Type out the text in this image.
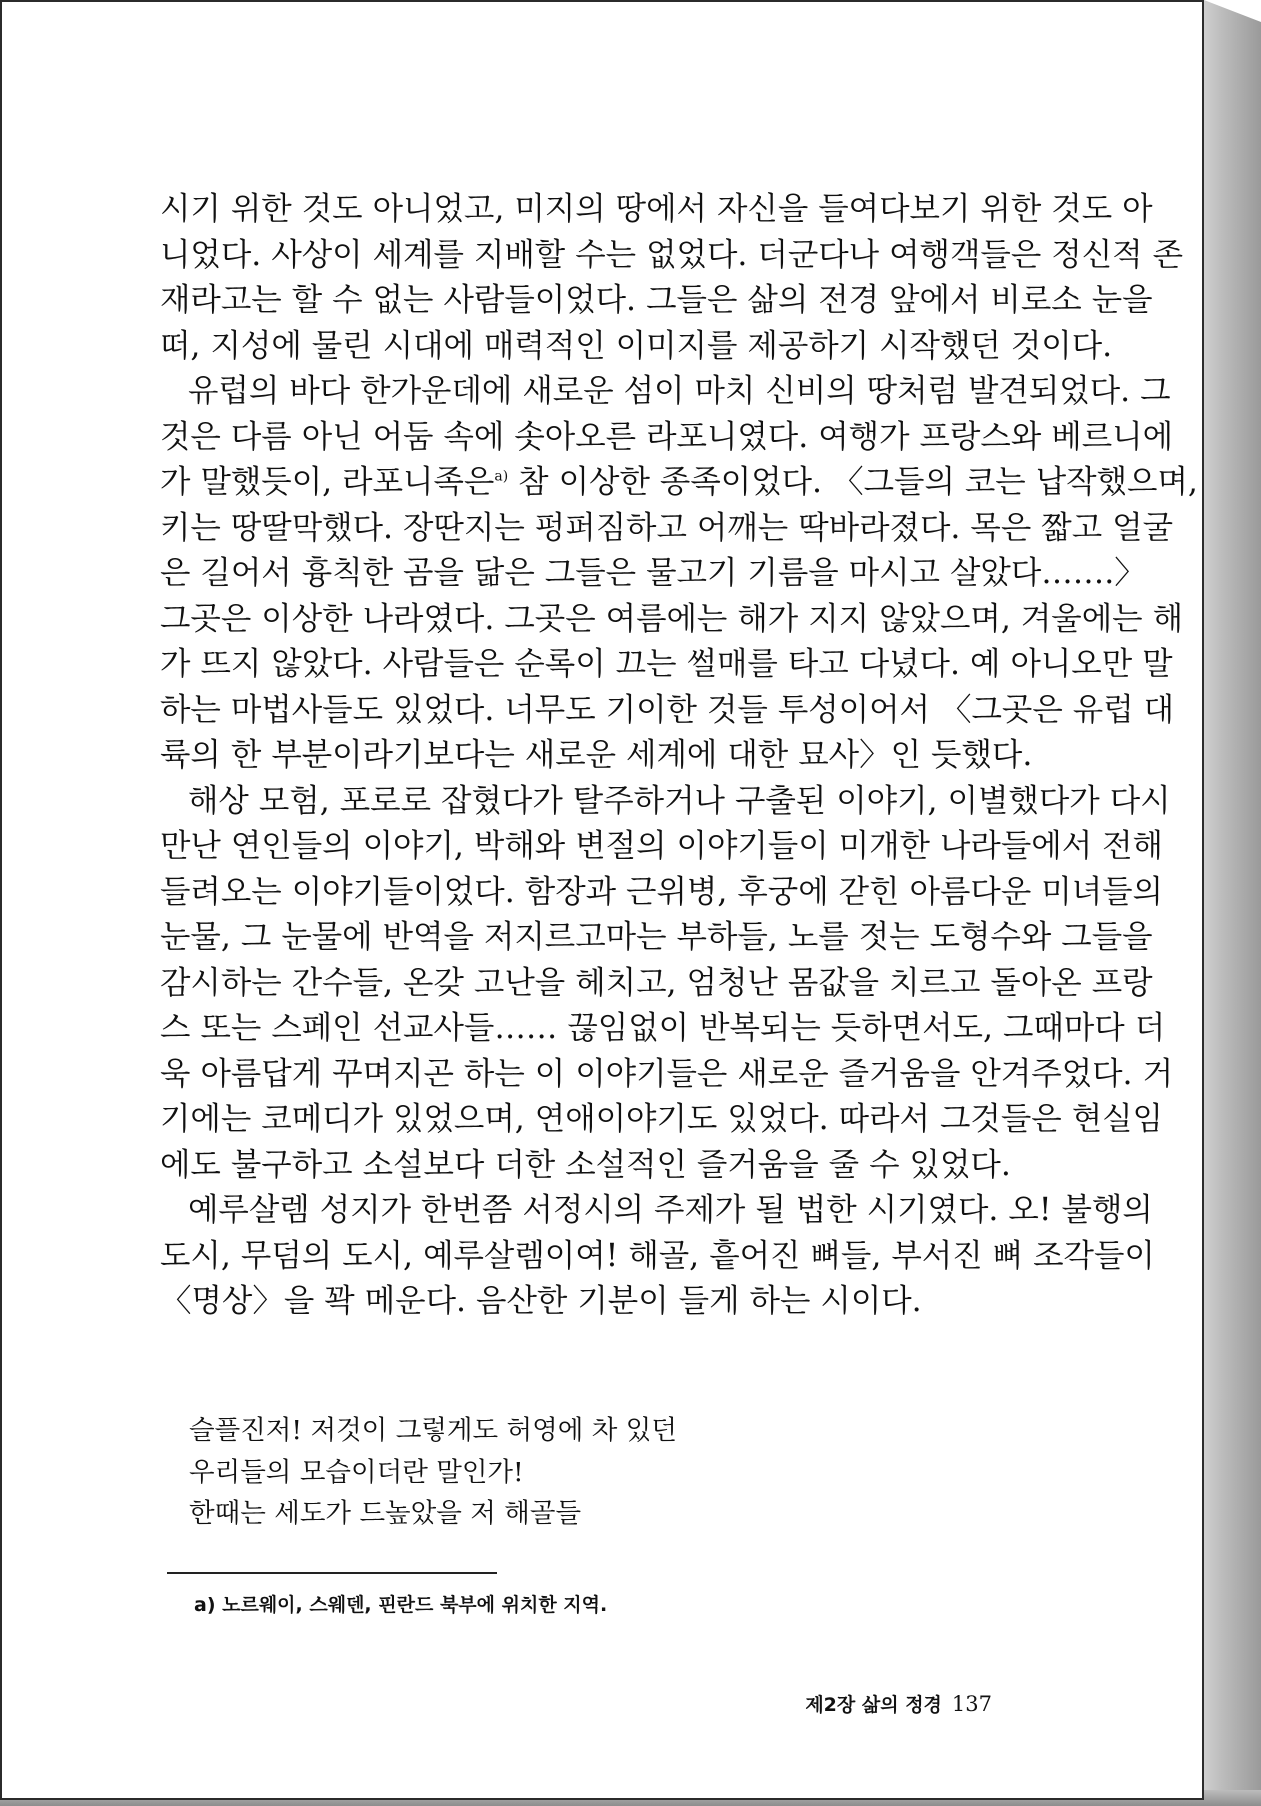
시기 위한 것도 아니었고, 미지의 땅에서 자신을 들여다보기 위한 것도 아
니었다. 사상이 세계를 지배할 수는 없었다. 더군다나 여행객들은 정신적 존
재라고는 할 수 없는 사람들이었다. 그들은 삶의 전경 앞에서 비로소 눈을
떠, 지성에 물린 시대에 매력적인 이미지를 제공하기 시작했던 것이다.
유럽의 바다 한가운데에 새로운 섬이 마치 신비의 땅처럼 발견되었다. 그
것은 다름 아닌 어둠 속에 솟아오른 라포니였다. 여행가 프랑스와 베르니에
가 말했듯이, 라포니족은$^{a)}$ 참 이상한 종족이었다. 〈그들의 코는 납작했으며,
키는 땅딸막했다. 장딴지는 펑퍼짐하고 어깨는 딱바라졌다. 목은 짧고 얼굴
은 길어서 흉칙한 곰을 닮은 그들은 물고기 기름을 마시고 살았다…….〉
그곳은 이상한 나라였다. 그곳은 여름에는 해가 지지 않았으며, 겨울에는 해
가 뜨지 않았다. 사람들은 순록이 끄는 썰매를 타고 다녔다. 예 아니오만 말
하는 마법사들도 있었다. 너무도 기이한 것들 투성이어서 〈그곳은 유럽 대
륙의 한 부분이라기보다는 새로운 세계에 대한 묘사〉인 듯했다.
해상 모험, 포로로 잡혔다가 탈주하거나 구출된 이야기, 이별했다가 다시
만난 연인들의 이야기, 박해와 변절의 이야기들이 미개한 나라들에서 전해
들려오는 이야기들이었다. 함장과 근위병, 후궁에 갇힌 아름다운 미녀들의
눈물, 그 눈물에 반역을 저지르고마는 부하들, 노를 젓는 도형수와 그들을
감시하는 간수들, 온갖 고난을 헤치고, 엄청난 몸값을 치르고 돌아온 프랑
스 또는 스페인 선교사들…… 끊임없이 반복되는 듯하면서도, 그때마다 더
욱 아름답게 꾸며지곤 하는 이 이야기들은 새로운 즐거움을 안겨주었다. 거
기에는 코메디가 있었으며, 연애이야기도 있었다. 따라서 그것들은 현실임
에도 불구하고 소설보다 더한 소설적인 즐거움을 줄 수 있었다.
예루살렘 성지가 한번쯤 서정시의 주제가 될 법한 시기였다. 오! 불행의
도시, 무덤의 도시, 예루살렘이여! 해골, 흩어진 뼈들, 부서진 뼈 조각들이
〈명상〉을 꽉 메운다. 음산한 기분이 들게 하는 시이다.
슬플진저! 저것이 그렇게도 허영에 차 있던
우리들의 모습이더란 말인가!
한때는 세도가 드높았을 저 해골들
a) 노르웨이, 스웨덴, 핀란드 북부에 위치한 지역.
제2장 삶의 정경 137
